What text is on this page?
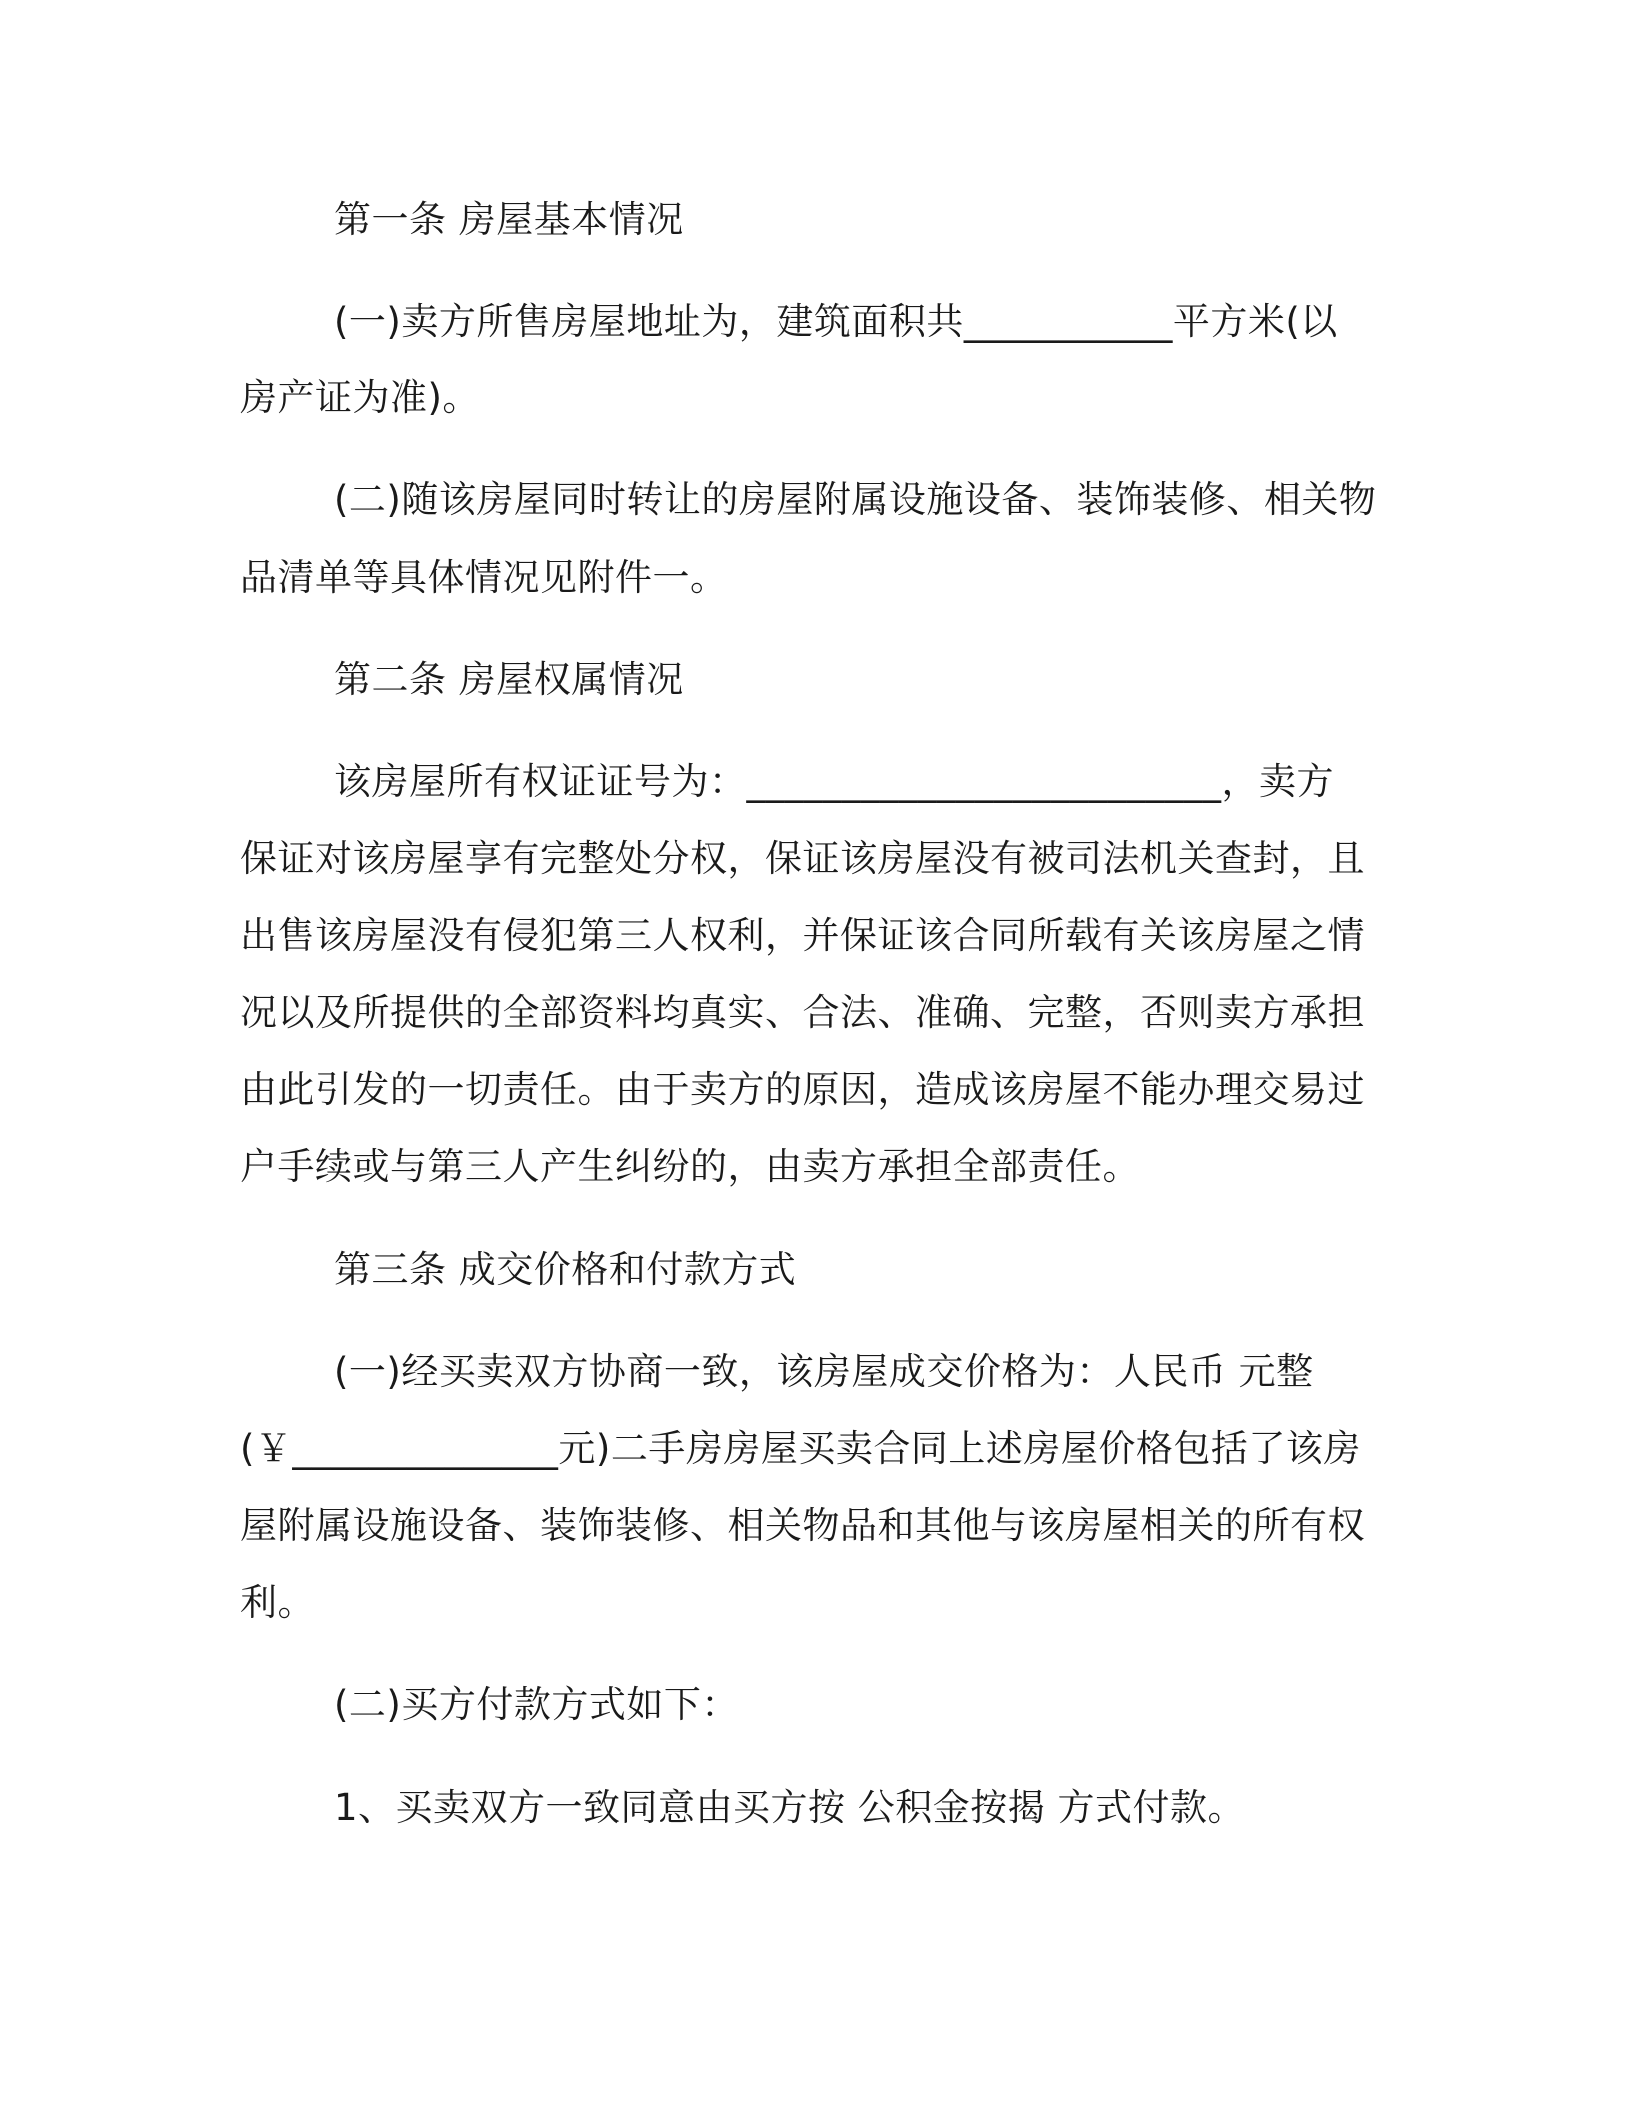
第一条 房屋基本情况
(一)卖方所售房屋地址为，建筑面积共___________平方米(以
房产证为准)。
(二)随该房屋同时转让的房屋附属设施设备、装饰装修、相关物
品清单等具体情况见附件一。
第二条 房屋权属情况
该房屋所有权证证号为：_________________________，卖方
保证对该房屋享有完整处分权，保证该房屋没有被司法机关查封，且
出售该房屋没有侵犯第三人权利，并保证该合同所载有关该房屋之情
况以及所提供的全部资料均真实、合法、准确、完整，否则卖方承担
由此引发的一切责任。由于卖方的原因，造成该房屋不能办理交易过
户手续或与第三人产生纠纷的，由卖方承担全部责任。
第三条 成交价格和付款方式
(一)经买卖双方协商一致，该房屋成交价格为：人民币 元整
(￥______________元)二手房房屋买卖合同上述房屋价格包括了该房
屋附属设施设备、装饰装修、相关物品和其他与该房屋相关的所有权
利。
(二)买方付款方式如下：
1、买卖双方一致同意由买方按 公积金按揭 方式付款。
